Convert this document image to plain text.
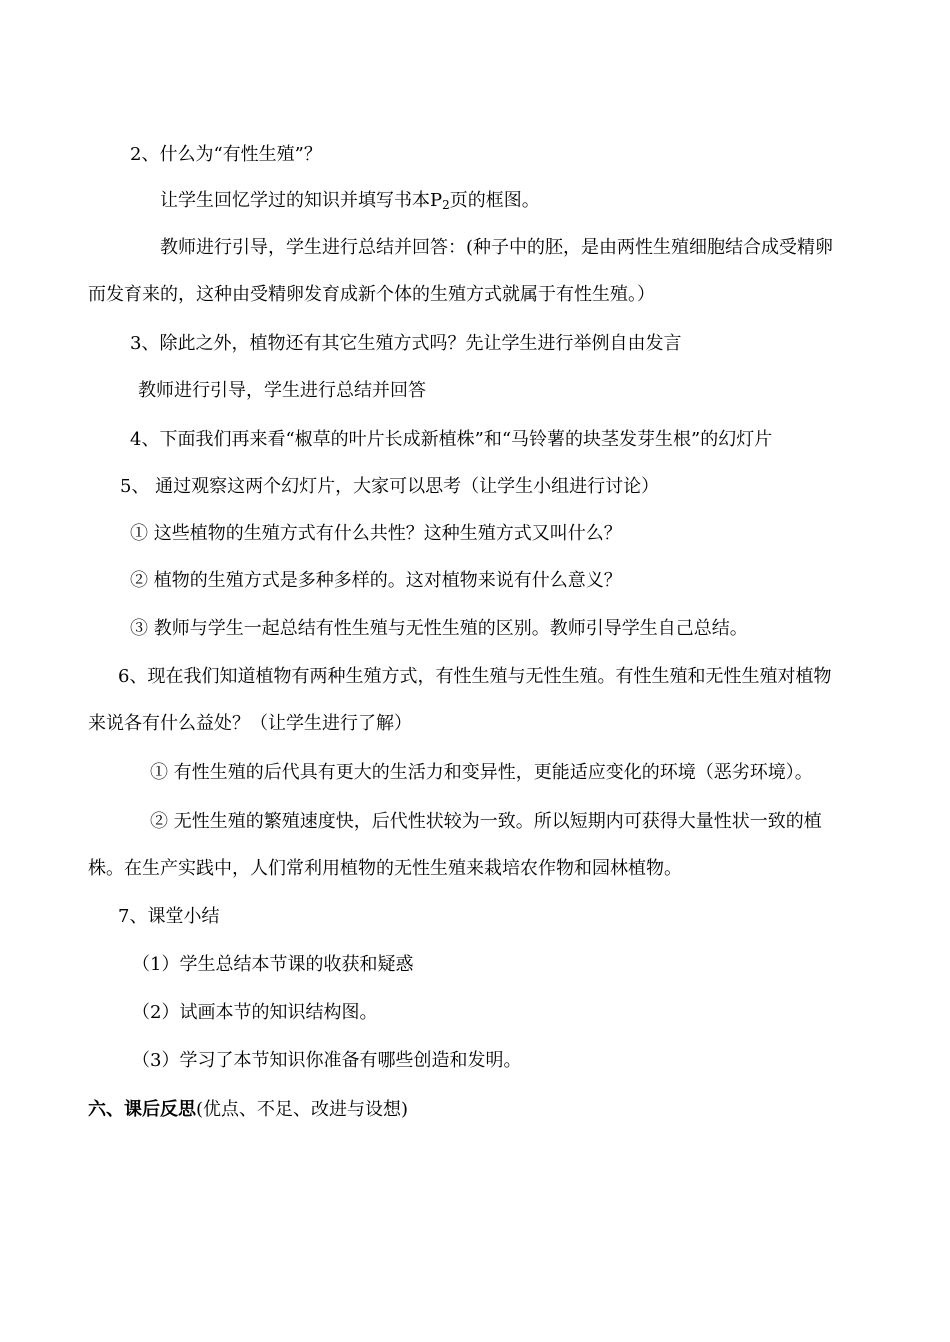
2、什么为“有性生殖”？
让学生回忆学过的知识并填写书本$P_2$页的框图。
教师进行引导，学生进行总结并回答：(种子中的胚，是由两性生殖细胞结合成受精卵
而发育来的，这种由受精卵发育成新个体的生殖方式就属于有性生殖。）
3、除此之外，植物还有其它生殖方式吗？先让学生进行举例自由发言
教师进行引导，学生进行总结并回答
4、下面我们再来看“椒草的叶片长成新植株”和“马铃薯的块茎发芽生根”的幻灯片
5、 通过观察这两个幻灯片，大家可以思考（让学生小组进行讨论）
① 这些植物的生殖方式有什么共性？这种生殖方式又叫什么？
② 植物的生殖方式是多种多样的。这对植物来说有什么意义？
③ 教师与学生一起总结有性生殖与无性生殖的区别。教师引导学生自己总结。
6、现在我们知道植物有两种生殖方式，有性生殖与无性生殖。有性生殖和无性生殖对植物
来说各有什么益处？（让学生进行了解）
① 有性生殖的后代具有更大的生活力和变异性，更能适应变化的环境（恶劣环境）。
② 无性生殖的繁殖速度快，后代性状较为一致。所以短期内可获得大量性状一致的植
株。在生产实践中，人们常利用植物的无性生殖来栽培农作物和园林植物。
7、课堂小结
（1）学生总结本节课的收获和疑惑
（2）试画本节的知识结构图。
（3）学习了本节知识你准备有哪些创造和发明。
六、课后反思(优点、不足、改进与设想)
